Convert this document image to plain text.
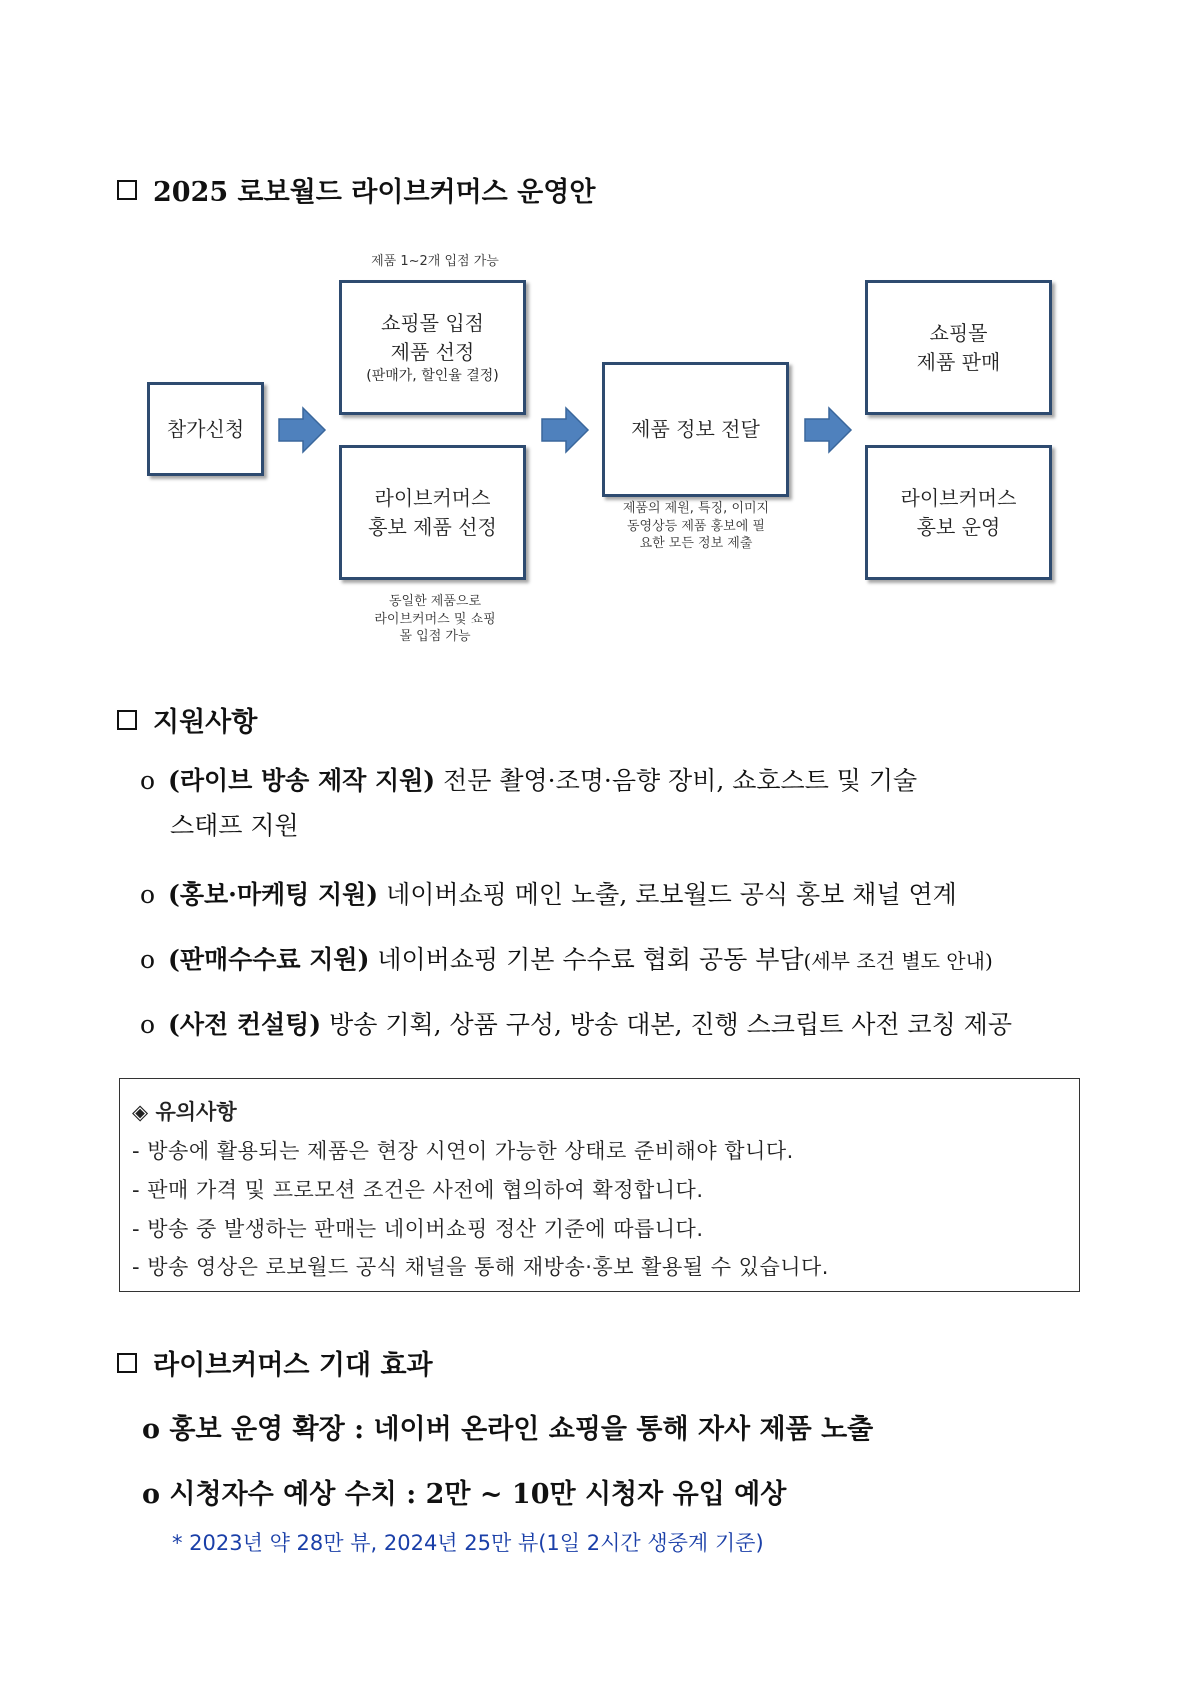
2025 로보월드 라이브커머스 운영안
제품 1~2개 입점 가능
참가신청
쇼핑몰 입점
제품 선정
(판매가, 할인율 결정)
라이브커머스
홍보 제품 선정
동일한 제품으로
라이브커머스 및 쇼핑
몰 입점 가능
제품 정보 전달
제품의 제원, 특징, 이미지
동영상등 제품 홍보에 필
요한 모든 정보 제출
쇼핑몰
제품 판매
라이브커머스
홍보 운영
지원사항
o (라이브 방송 제작 지원) 전문 촬영·조명·음향 장비, 쇼호스트 및 기술
스태프 지원
o (홍보·마케팅 지원) 네이버쇼핑 메인 노출, 로보월드 공식 홍보 채널 연계
o (판매수수료 지원) 네이버쇼핑 기본 수수료 협회 공동 부담(세부 조건 별도 안내)
o (사전 컨설팅) 방송 기획, 상품 구성, 방송 대본, 진행 스크립트 사전 코칭 제공
◈ 유의사항
- 방송에 활용되는 제품은 현장 시연이 가능한 상태로 준비해야 합니다.
- 판매 가격 및 프로모션 조건은 사전에 협의하여 확정합니다.
- 방송 중 발생하는 판매는 네이버쇼핑 정산 기준에 따릅니다.
- 방송 영상은 로보월드 공식 채널을 통해 재방송·홍보 활용될 수 있습니다.
라이브커머스 기대 효과
o 홍보 운영 확장 : 네이버 온라인 쇼핑을 통해 자사 제품 노출
o 시청자수 예상 수치 : 2만 ~ 10만 시청자 유입 예상
* 2023년 약 28만 뷰, 2024년 25만 뷰(1일 2시간 생중계 기준)
